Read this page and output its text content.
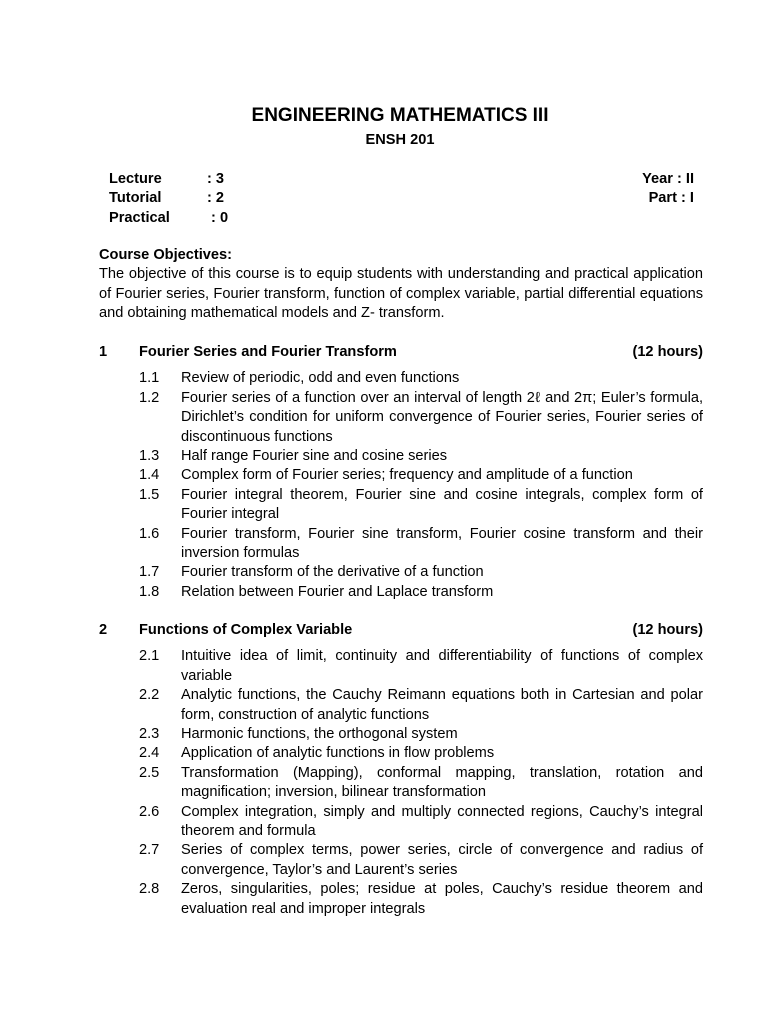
ENGINEERING MATHEMATICS III
ENSH 201
Lecture	: 3	Year : II
Tutorial	: 2	Part : I
Practical	: 0
Course Objectives:
The objective of this course is to equip students with understanding and practical application of Fourier series, Fourier transform, function of complex variable, partial differential equations and obtaining mathematical models and Z- transform.
1 Fourier Series and Fourier Transform	(12 hours)
1.1	Review of periodic, odd and even functions
1.2	Fourier series of a function over an interval of length 2ℓ and 2π; Euler’s formula, Dirichlet’s condition for uniform convergence of Fourier series, Fourier series of discontinuous functions
1.3	Half range Fourier sine and cosine series
1.4	Complex form of Fourier series; frequency and amplitude of a function
1.5	Fourier integral theorem, Fourier sine and cosine integrals, complex form of Fourier integral
1.6	Fourier transform, Fourier sine transform, Fourier cosine transform and their inversion formulas
1.7	Fourier transform of the derivative of a function
1.8	Relation between Fourier and Laplace transform
2 Functions of Complex Variable	(12 hours)
2.1	Intuitive idea of limit, continuity and differentiability of functions of complex variable
2.2	Analytic functions, the Cauchy Reimann equations both in Cartesian and polar form, construction of analytic functions
2.3	Harmonic functions, the orthogonal system
2.4	Application of analytic functions in flow problems
2.5	Transformation (Mapping), conformal mapping, translation, rotation and magnification; inversion, bilinear transformation
2.6	Complex integration, simply and multiply connected regions, Cauchy’s integral theorem and formula
2.7	Series of complex terms, power series, circle of convergence and radius of convergence, Taylor’s and Laurent’s series
2.8	Zeros, singularities, poles; residue at poles, Cauchy’s residue theorem and evaluation real and improper integrals
